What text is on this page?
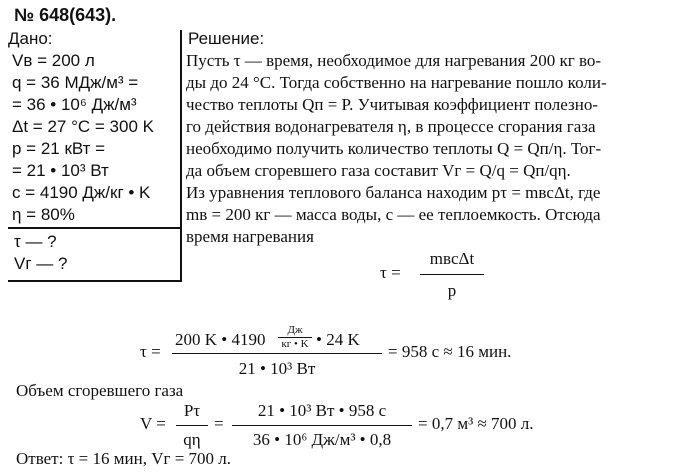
№ 648(643).
Дано:
Vв = 200 л
q = 36 МДж/м³ =
= 36 • 10⁶ Дж/м³
Δt = 27 °C = 300 K
p = 21 кВт =
= 21 • 10³ Вт
c = 4190 Дж/кг • K
η = 80%
τ — ?
Vг — ?
Решение:
Пусть τ — время, необходимое для нагревания 200 кг во-
ды до 24 °С. Тогда собственно на нагревание пошло коли-
чество теплоты Qп = P. Учитывая коэффициент полезно-
го действия водонагревателя η, в процессе сгорания газа
необходимо получить количество теплоты Q = Qп/η. Тог-
да объем сгоревшего газа составит Vг = Q/q = Qп/qη.
Из уравнения теплового баланса находим pτ = mвcΔt, где
mв = 200 кг — масса воды, c — ее теплоемкость. Отсюда
время нагревания
τ =
mвcΔt
p
τ =
200 K • 4190	Дж
кг • K • 24 K
21 • 10³ Вт
= 958 с ≈ 16 мин.
Объем сгоревшего газа
V =
Pτ
qη
=
21 • 10³ Вт • 958 с
36 • 10⁶ Дж/м³ • 0,8
= 0,7 м³ ≈ 700 л.
Ответ: τ = 16 мин, Vг = 700 л.
